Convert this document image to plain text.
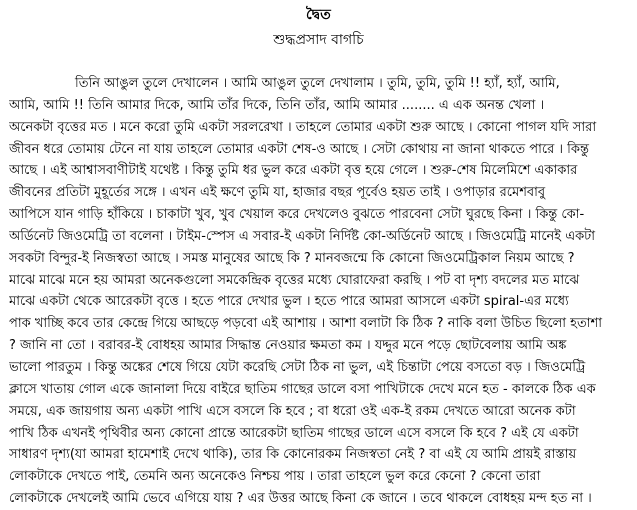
দ্বৈত
শুদ্ধপ্রসাদ বাগচি
তিনি আঙুল তুলে দেখালেন । আমি আঙুল তুলে দেখালাম । তুমি, তুমি, তুমি !! হ্যাঁ, হ্যাঁ, আমি,
আমি, আমি !! তিনি আমার দিকে, আমি তাঁর দিকে, তিনি তাঁর, আমি আমার ........ এ এক অনন্ত খেলা ।
অনেকটা বৃত্তের মত । মনে করো তুমি একটা সরলরেখা । তাহলে তোমার একটা শুরু আছে । কোনো পাগল যদি সারা
জীবন ধরে তোমায় টেনে না যায় তাহলে তোমার একটা শেষ-ও আছে । সেটা কোথায় না জানা থাকতে পারে । কিন্তু
আছে । এই আশ্বাসবাণীটাই যথেষ্ট । কিন্তু তুমি ধর ভুল করে একটা বৃত্ত হয়ে গেলে । শুরু-শেষ মিলেমিশে একাকার
জীবনের প্রতিটা মুহূর্তের সঙ্গে । এখন এই ক্ষণে তুমি যা, হাজার বছর পূর্বেও হয়ত তাই । ওপাড়ার রমেশবাবু
আপিসে যান গাড়ি হাঁকিয়ে । চাকাটা খুব, খুব খেয়াল করে দেখলেও বুঝতে পারবেনা সেটা ঘুরছে কিনা । কিন্তু কো-
অর্ডিনেট জিওমেট্রি তা বলেনা । টাইম-স্পেস এ সবার-ই একটা নির্দিষ্ট কো-অর্ডিনেট আছে । জিওমেট্রি মানেই একটা
সবকটা বিন্দুর-ই নিজস্বতা আছে । সমস্ত মানুষের আছে কি ? মানবজন্মে কি কোনো জিওমেট্রিকাল নিয়ম আছে ?
মাঝে মাঝে মনে হয় আমরা অনেকগুলো সমকেন্দ্রিক বৃত্তের মধ্যে ঘোরাফেরা করছি । পট বা দৃশ্য বদলের মত মাঝে
মাঝে একটা থেকে আরেকটা বৃত্তে । হতে পারে দেখার ভুল । হতে পারে আমরা আসলে একটা spiral-এর মধ্যে
পাক খাচ্ছি কবে তার কেন্দ্রে গিয়ে আছড়ে পড়বো এই আশায় । আশা বলাটা কি ঠিক ? নাকি বলা উচিত ছিলো হতাশা
? জানি না তো । বরাবর-ই বোধহয় আমার সিদ্ধান্ত নেওয়ার ক্ষমতা কম । যদ্দুর মনে পড়ে ছোটবেলায় আমি অঙ্ক
ভালো পারতুম । কিন্তু অঙ্কের শেষে গিয়ে যেটা করেছি সেটা ঠিক না ভুল, এই চিন্তাটা পেয়ে বসতো বড় । জিওমেট্রি
ক্লাসে খাতায় গোল একে জানালা দিয়ে বাইরে ছাতিম গাছের ডালে বসা পাখিটাকে দেখে মনে হত - কালকে ঠিক এক
সময়ে, এক জায়গায় অন্য একটা পাখি এসে বসলে কি হবে ; বা ধরো ওই এক-ই রকম দেখতে আরো অনেক কটা
পাখি ঠিক এখনই পৃথিবীর অন্য কোনো প্রান্তে আরেকটা ছাতিম গাছের ডালে এসে বসলে কি হবে ? এই যে একটা
সাধারণ দৃশ্য(যা আমরা হামেশাই দেখে থাকি), তার কি কোনোরকম নিজস্বতা নেই ? বা এই যে আমি প্রায়ই রাস্তায়
লোকটাকে দেখতে পাই, তেমনি অন্য অনেকেও নিশ্চয় পায় । তারা তাহলে ভুল করে কেনো ? কেনো তারা
লোকটাকে দেখলেই আমি ভেবে এগিয়ে যায় ? এর উত্তর আছে কিনা কে জানে । তবে থাকলে বোধহয় মন্দ হত না ।
